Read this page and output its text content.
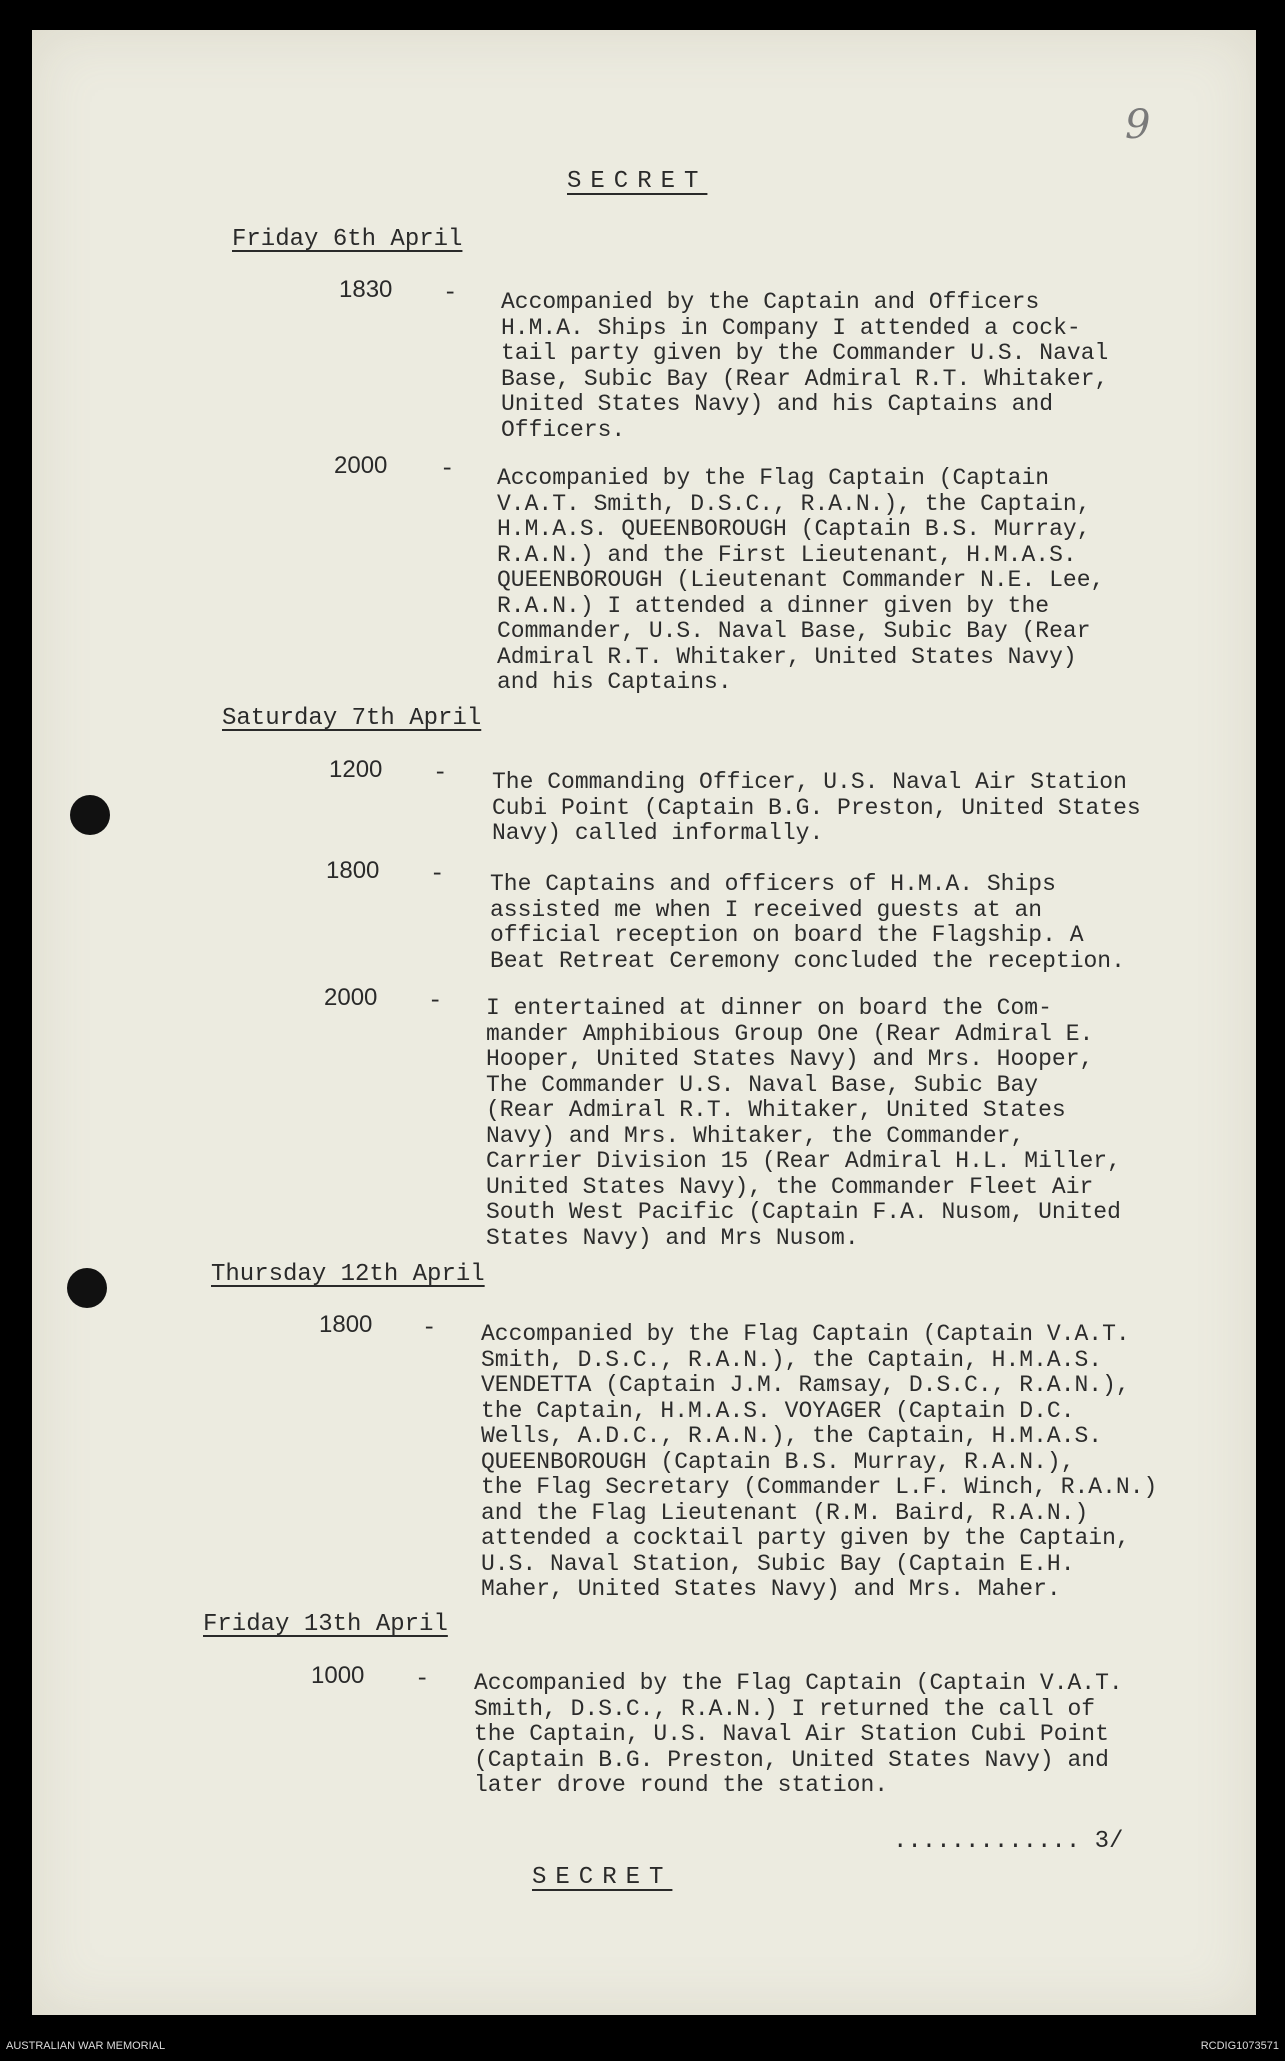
9
SECRET
Friday 6th April
1830 - Accompanied by the Captain and Officers
H.M.A. Ships in Company I attended a cock-
tail party given by the Commander U.S. Naval
Base, Subic Bay (Rear Admiral R.T. Whitaker,
United States Navy) and his Captains and
Officers.
2000 - Accompanied by the Flag Captain (Captain
V.A.T. Smith, D.S.C., R.A.N.), the Captain,
H.M.A.S. QUEENBOROUGH (Captain B.S. Murray,
R.A.N.) and the First Lieutenant, H.M.A.S.
QUEENBOROUGH (Lieutenant Commander N.E. Lee,
R.A.N.) I attended a dinner given by the
Commander, U.S. Naval Base, Subic Bay (Rear
Admiral R.T. Whitaker, United States Navy)
and his Captains.
Saturday 7th April
1200 - The Commanding Officer, U.S. Naval Air Station
Cubi Point (Captain B.G. Preston, United States
Navy) called informally.
1800 - The Captains and officers of H.M.A. Ships
assisted me when I received guests at an
official reception on board the Flagship. A
Beat Retreat Ceremony concluded the reception.
2000 - I entertained at dinner on board the Com-
mander Amphibious Group One (Rear Admiral E.
Hooper, United States Navy) and Mrs. Hooper,
The Commander U.S. Naval Base, Subic Bay
(Rear Admiral R.T. Whitaker, United States
Navy) and Mrs. Whitaker, the Commander,
Carrier Division 15 (Rear Admiral H.L. Miller,
United States Navy), the Commander Fleet Air
South West Pacific (Captain F.A. Nusom, United
States Navy) and Mrs Nusom.
Thursday 12th April
1800 - Accompanied by the Flag Captain (Captain V.A.T.
Smith, D.S.C., R.A.N.), the Captain, H.M.A.S.
VENDETTA (Captain J.M. Ramsay, D.S.C., R.A.N.),
the Captain, H.M.A.S. VOYAGER (Captain D.C.
Wells, A.D.C., R.A.N.), the Captain, H.M.A.S.
QUEENBOROUGH (Captain B.S. Murray, R.A.N.),
the Flag Secretary (Commander L.F. Winch, R.A.N.)
and the Flag Lieutenant (R.M. Baird, R.A.N.)
attended a cocktail party given by the Captain,
U.S. Naval Station, Subic Bay (Captain E.H.
Maher, United States Navy) and Mrs. Maher.
Friday 13th April
1000 - Accompanied by the Flag Captain (Captain V.A.T.
Smith, D.S.C., R.A.N.) I returned the call of
the Captain, U.S. Naval Air Station Cubi Point
(Captain B.G. Preston, United States Navy) and
later drove round the station.
............. 3/
SECRET
AUSTRALIAN WAR MEMORIAL	RCDIG1073571
